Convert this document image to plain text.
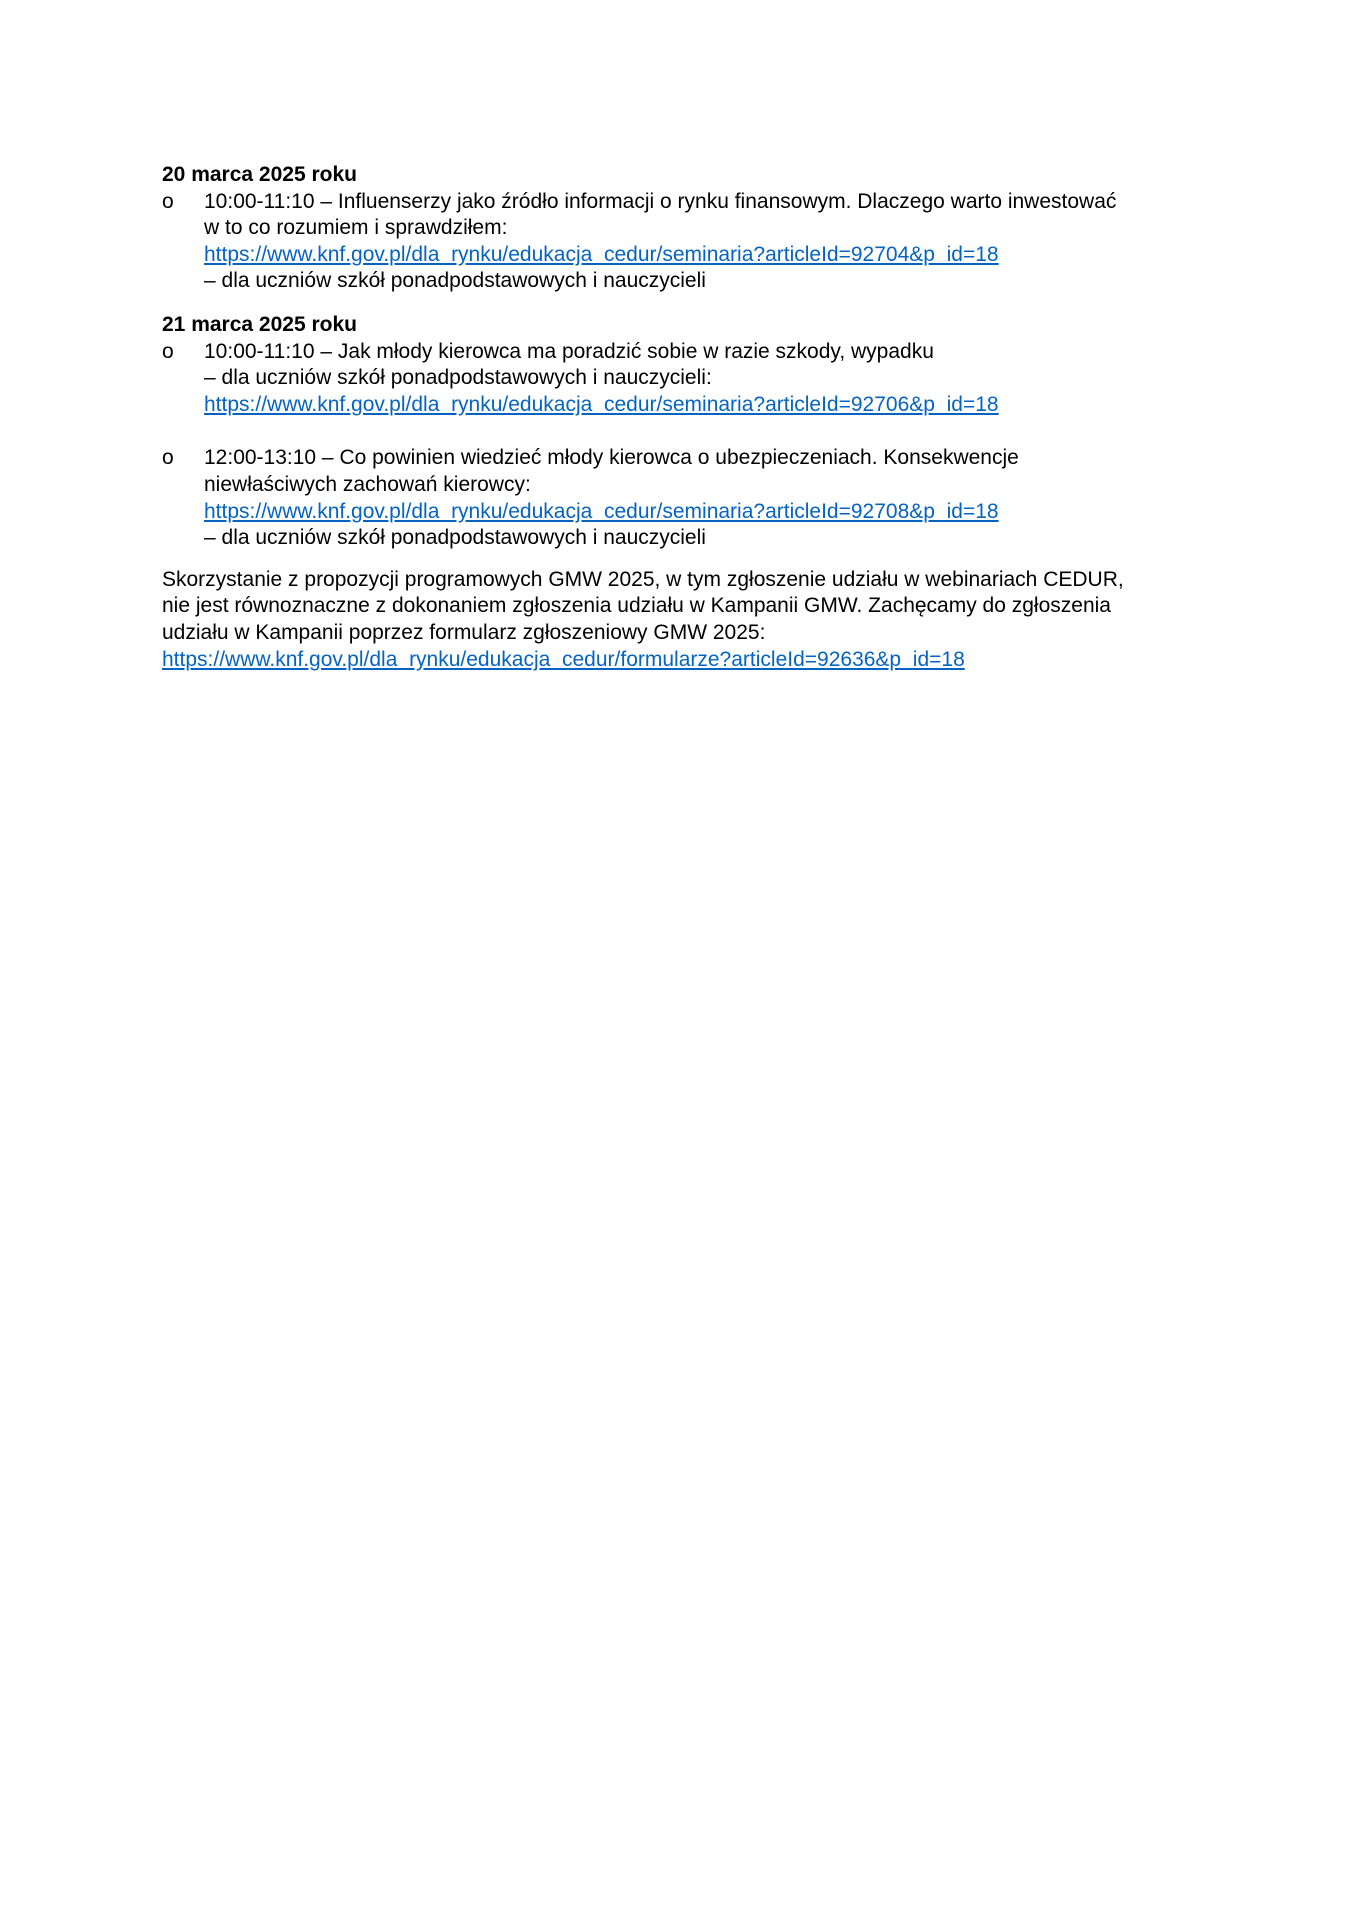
20 marca 2025 roku

o 10:00-11:10 – Influenserzy jako źródło informacji o rynku finansowym. Dlaczego warto inwestować
w to co rozumiem i sprawdziłem:
https://www.knf.gov.pl/dla_rynku/edukacja_cedur/seminaria?articleId=92704&p_id=18
– dla uczniów szkół ponadpodstawowych i nauczycieli

21 marca 2025 roku

o 10:00-11:10 – Jak młody kierowca ma poradzić sobie w razie szkody, wypadku
– dla uczniów szkół ponadpodstawowych i nauczycieli:
https://www.knf.gov.pl/dla_rynku/edukacja_cedur/seminaria?articleId=92706&p_id=18
o 12:00-13:10 – Co powinien wiedzieć młody kierowca o ubezpieczeniach. Konsekwencje
niewłaściwych zachowań kierowcy:
https://www.knf.gov.pl/dla_rynku/edukacja_cedur/seminaria?articleId=92708&p_id=18
– dla uczniów szkół ponadpodstawowych i nauczycieli
Skorzystanie z propozycji programowych GMW 2025, w tym zgłoszenie udziału w webinariach CEDUR,
nie jest równoznaczne z dokonaniem zgłoszenia udziału w Kampanii GMW. Zachęcamy do zgłoszenia
udziału w Kampanii poprzez formularz zgłoszeniowy GMW 2025:
https://www.knf.gov.pl/dla_rynku/edukacja_cedur/formularze?articleId=92636&p_id=18
